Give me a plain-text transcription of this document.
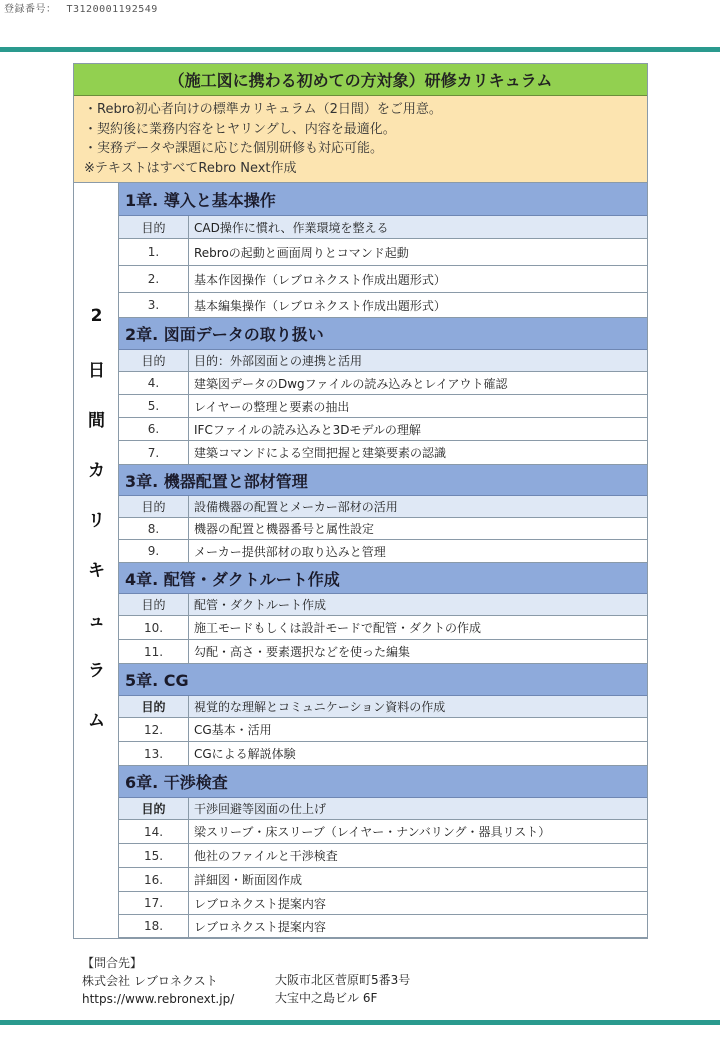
登録番号： T3120001192549
（施工図に携わる初めての方対象）研修カリキュラム
・Rebro初心者向けの標準カリキュラム（2日間）をご用意。
・契約後に業務内容をヒヤリングし、内容を最適化。
・実務データや課題に応じた個別研修も対応可能。
※テキストはすべてRebro Next作成
2
日
間
カ
リ
キ
ュ
ラ
ム
1章. 導入と基本操作
目的	CAD操作に慣れ、作業環境を整える
1.	Rebroの起動と画面周りとコマンド起動
2.	基本作図操作（レブロネクスト作成出題形式）
3.	基本編集操作（レブロネクスト作成出題形式）
2章. 図面データの取り扱い
目的	目的：外部図面との連携と活用
4.	建築図データのDwgファイルの読み込みとレイアウト確認
5.	レイヤーの整理と要素の抽出
6.	IFCファイルの読み込みと3Dモデルの理解
7.	建築コマンドによる空間把握と建築要素の認識
3章. 機器配置と部材管理
目的	設備機器の配置とメーカー部材の活用
8.	機器の配置と機器番号と属性設定
9.	メーカー提供部材の取り込みと管理
4章. 配管・ダクトルート作成
目的	配管・ダクトルート作成
10.	施工モードもしくは設計モードで配管・ダクトの作成
11.	勾配・高さ・要素選択などを使った編集
5章. CG
目的	視覚的な理解とコミュニケーション資料の作成
12.	CG基本・活用
13.	CGによる解説体験
6章. 干渉検査
目的	干渉回避等図面の仕上げ
14.	梁スリーブ・床スリーブ（レイヤー・ナンバリング・器具リスト）
15.	他社のファイルと干渉検査
16.	詳細図・断面図作成
17.	レブロネクスト提案内容
18.	レブロネクスト提案内容
【問合先】
株式会社 レブロネクスト
https://www.rebronext.jp/
大阪市北区菅原町5番3号
大宝中之島ビル 6F
